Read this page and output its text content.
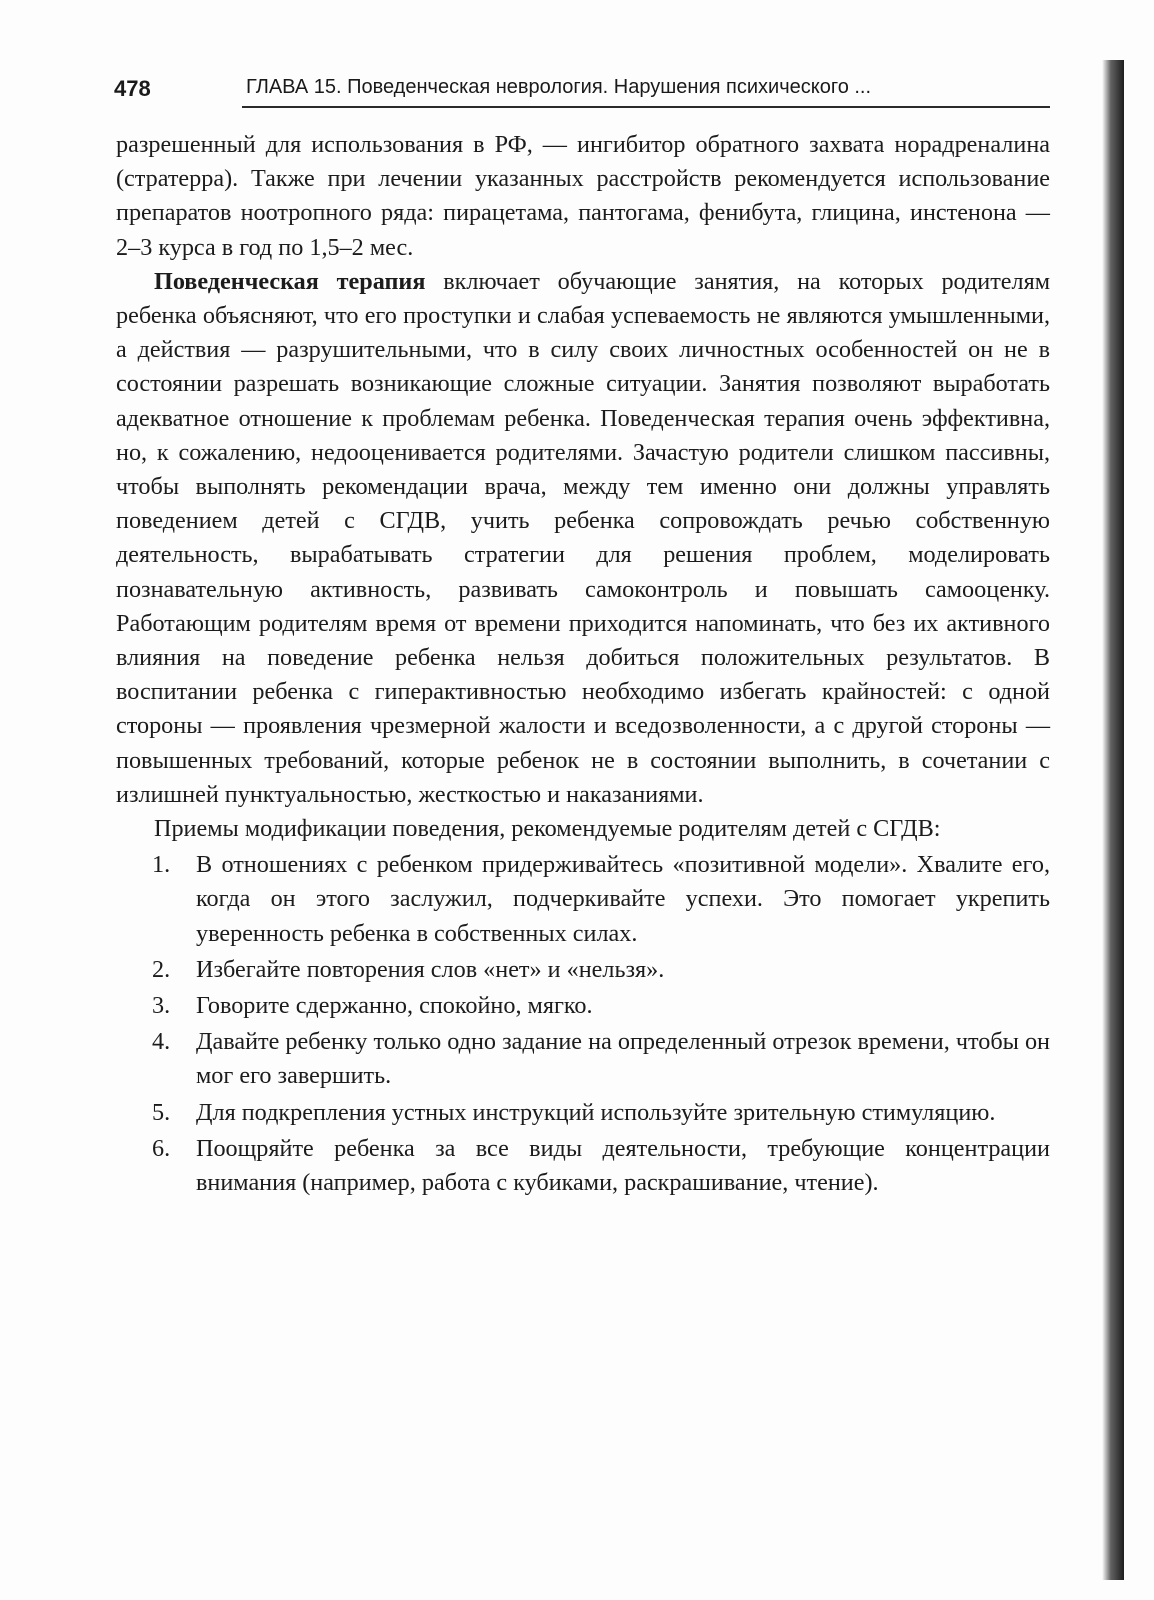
478	ГЛАВА 15. Поведенческая неврология. Нарушения психического ...

разрешенный для использования в РФ, — ингибитор обратного захвата норадреналина (стратерра). Также при лечении указанных расстройств рекомендуется использование препаратов ноотропного ряда: пирацетама, пантогама, фенибута, глицина, инстенона — 2–3 курса в год по 1,5–2 мес.

Поведенческая терапия включает обучающие занятия, на которых родителям ребенка объясняют, что его проступки и слабая успеваемость не являются умышленными, а действия — разрушительными, что в силу своих личностных особенностей он не в состоянии разрешать возникающие сложные ситуации. Занятия позволяют выработать адекватное отношение к проблемам ребенка. Поведенческая терапия очень эффективна, но, к сожалению, недооценивается родителями. Зачастую родители слишком пассивны, чтобы выполнять рекомендации врача, между тем именно они должны управлять поведением детей с СГДВ, учить ребенка сопровождать речью собственную деятельность, вырабатывать стратегии для решения проблем, моделировать познавательную активность, развивать самоконтроль и повышать самооценку. Работающим родителям время от времени приходится напоминать, что без их активного влияния на поведение ребенка нельзя добиться положительных результатов. В воспитании ребенка с гиперактивностью необходимо избегать крайностей: с одной стороны — проявления чрезмерной жалости и вседозволенности, а с другой стороны — повышенных требований, которые ребенок не в состоянии выполнить, в сочетании с излишней пунктуальностью, жесткостью и наказаниями.

Приемы модификации поведения, рекомендуемые родителям детей с СГДВ:

1. В отношениях с ребенком придерживайтесь «позитивной модели». Хвалите его, когда он этого заслужил, подчеркивайте успехи. Это помогает укрепить уверенность ребенка в собственных силах.
2. Избегайте повторения слов «нет» и «нельзя».
3. Говорите сдержанно, спокойно, мягко.
4. Давайте ребенку только одно задание на определенный отрезок времени, чтобы он мог его завершить.
5. Для подкрепления устных инструкций используйте зрительную стимуляцию.
6. Поощряйте ребенка за все виды деятельности, требующие концентрации внимания (например, работа с кубиками, раскрашивание, чтение).
